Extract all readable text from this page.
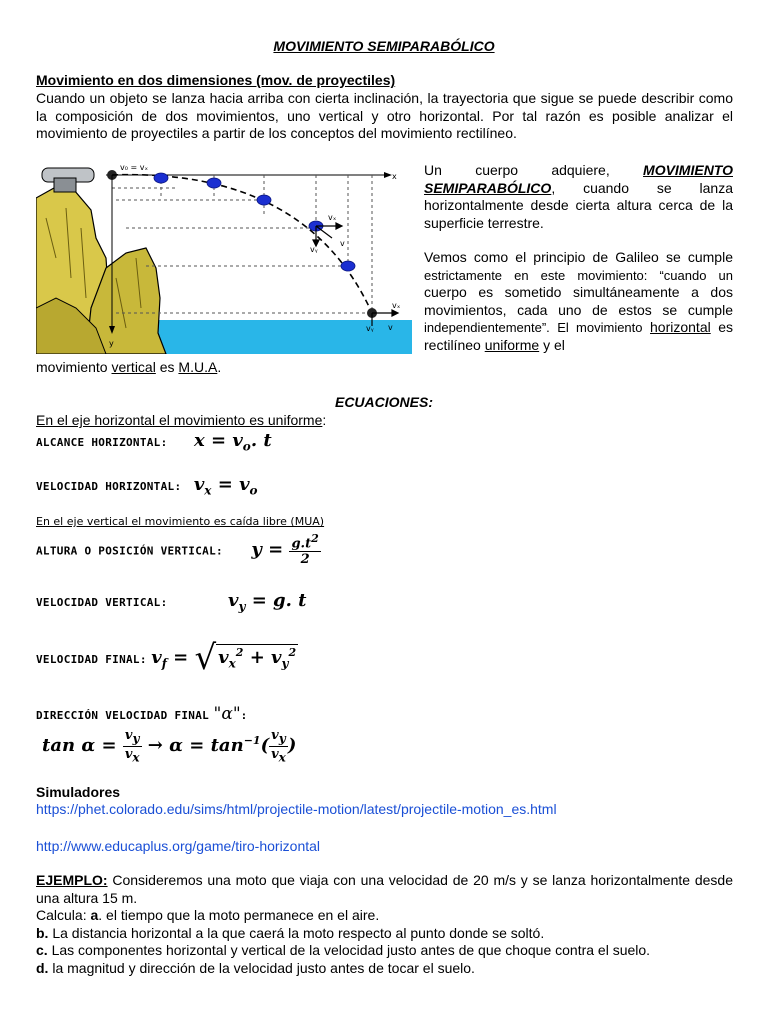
MOVIMIENTO SEMIPARABÓLICO
Movimiento en dos dimensiones (mov. de proyectiles)
Cuando un objeto se lanza hacia arriba con cierta inclinación, la trayectoria que sigue se puede describir como la composición de dos movimientos, uno vertical y otro horizontal. Por tal razón es posible analizar el movimiento de proyectiles a partir de los conceptos del movimiento rectilíneo.
v₀ = vₓ
x
vₓ
vᵧ
v
vₓ
vᵧ v
y
Un cuerpo adquiere, MOVIMIENTO SEMIPARABÓLICO, cuando se lanza horizontalmente desde cierta altura cerca de la superficie terrestre.
Vemos como el principio de Galileo se cumple estrictamente en este movimiento: “cuando un cuerpo es sometido simultáneamente a dos movimientos, cada uno de estos se cumple independientemente”. El movimiento horizontal es rectilíneo uniforme y el
movimiento vertical es M.U.A.
ECUACIONES:
En el eje horizontal el movimiento es uniforme:
ALCANCE HORIZONTAL: $x = v_o$. t
VELOCIDAD HORIZONTAL: $v_x = v_o$
En el eje vertical el movimiento es caída libre (MUA)
ALTURA O POSICIÓN VERTICAL: $y = \frac{g.t^2}{2}$
VELOCIDAD VERTICAL:	$v_y = g$. t
VELOCIDAD FINAL: $v_f$ = √ $v_x^2 + v_y^2$
DIRECCIÓN VELOCIDAD FINAL "α":
$\tan \alpha = \frac{v_y}{v_x} \to \alpha = \tan^{-1}( \frac{v_y}{v_x}$ )
Simuladores
https://phet.colorado.edu/sims/html/projectile-motion/latest/projectile-motion_es.html
http://www.educaplus.org/game/tiro-horizontal
EJEMPLO: Consideremos una moto que viaja con una velocidad de 20 m/s y se lanza horizontalmente desde una altura 15 m.
Calcula: a. el tiempo que la moto permanece en el aire.
b. La distancia horizontal a la que caerá la moto respecto al punto donde se soltó.
c. Las componentes horizontal y vertical de la velocidad justo antes de que choque contra el suelo.
d. la magnitud y dirección de la velocidad justo antes de tocar el suelo.
